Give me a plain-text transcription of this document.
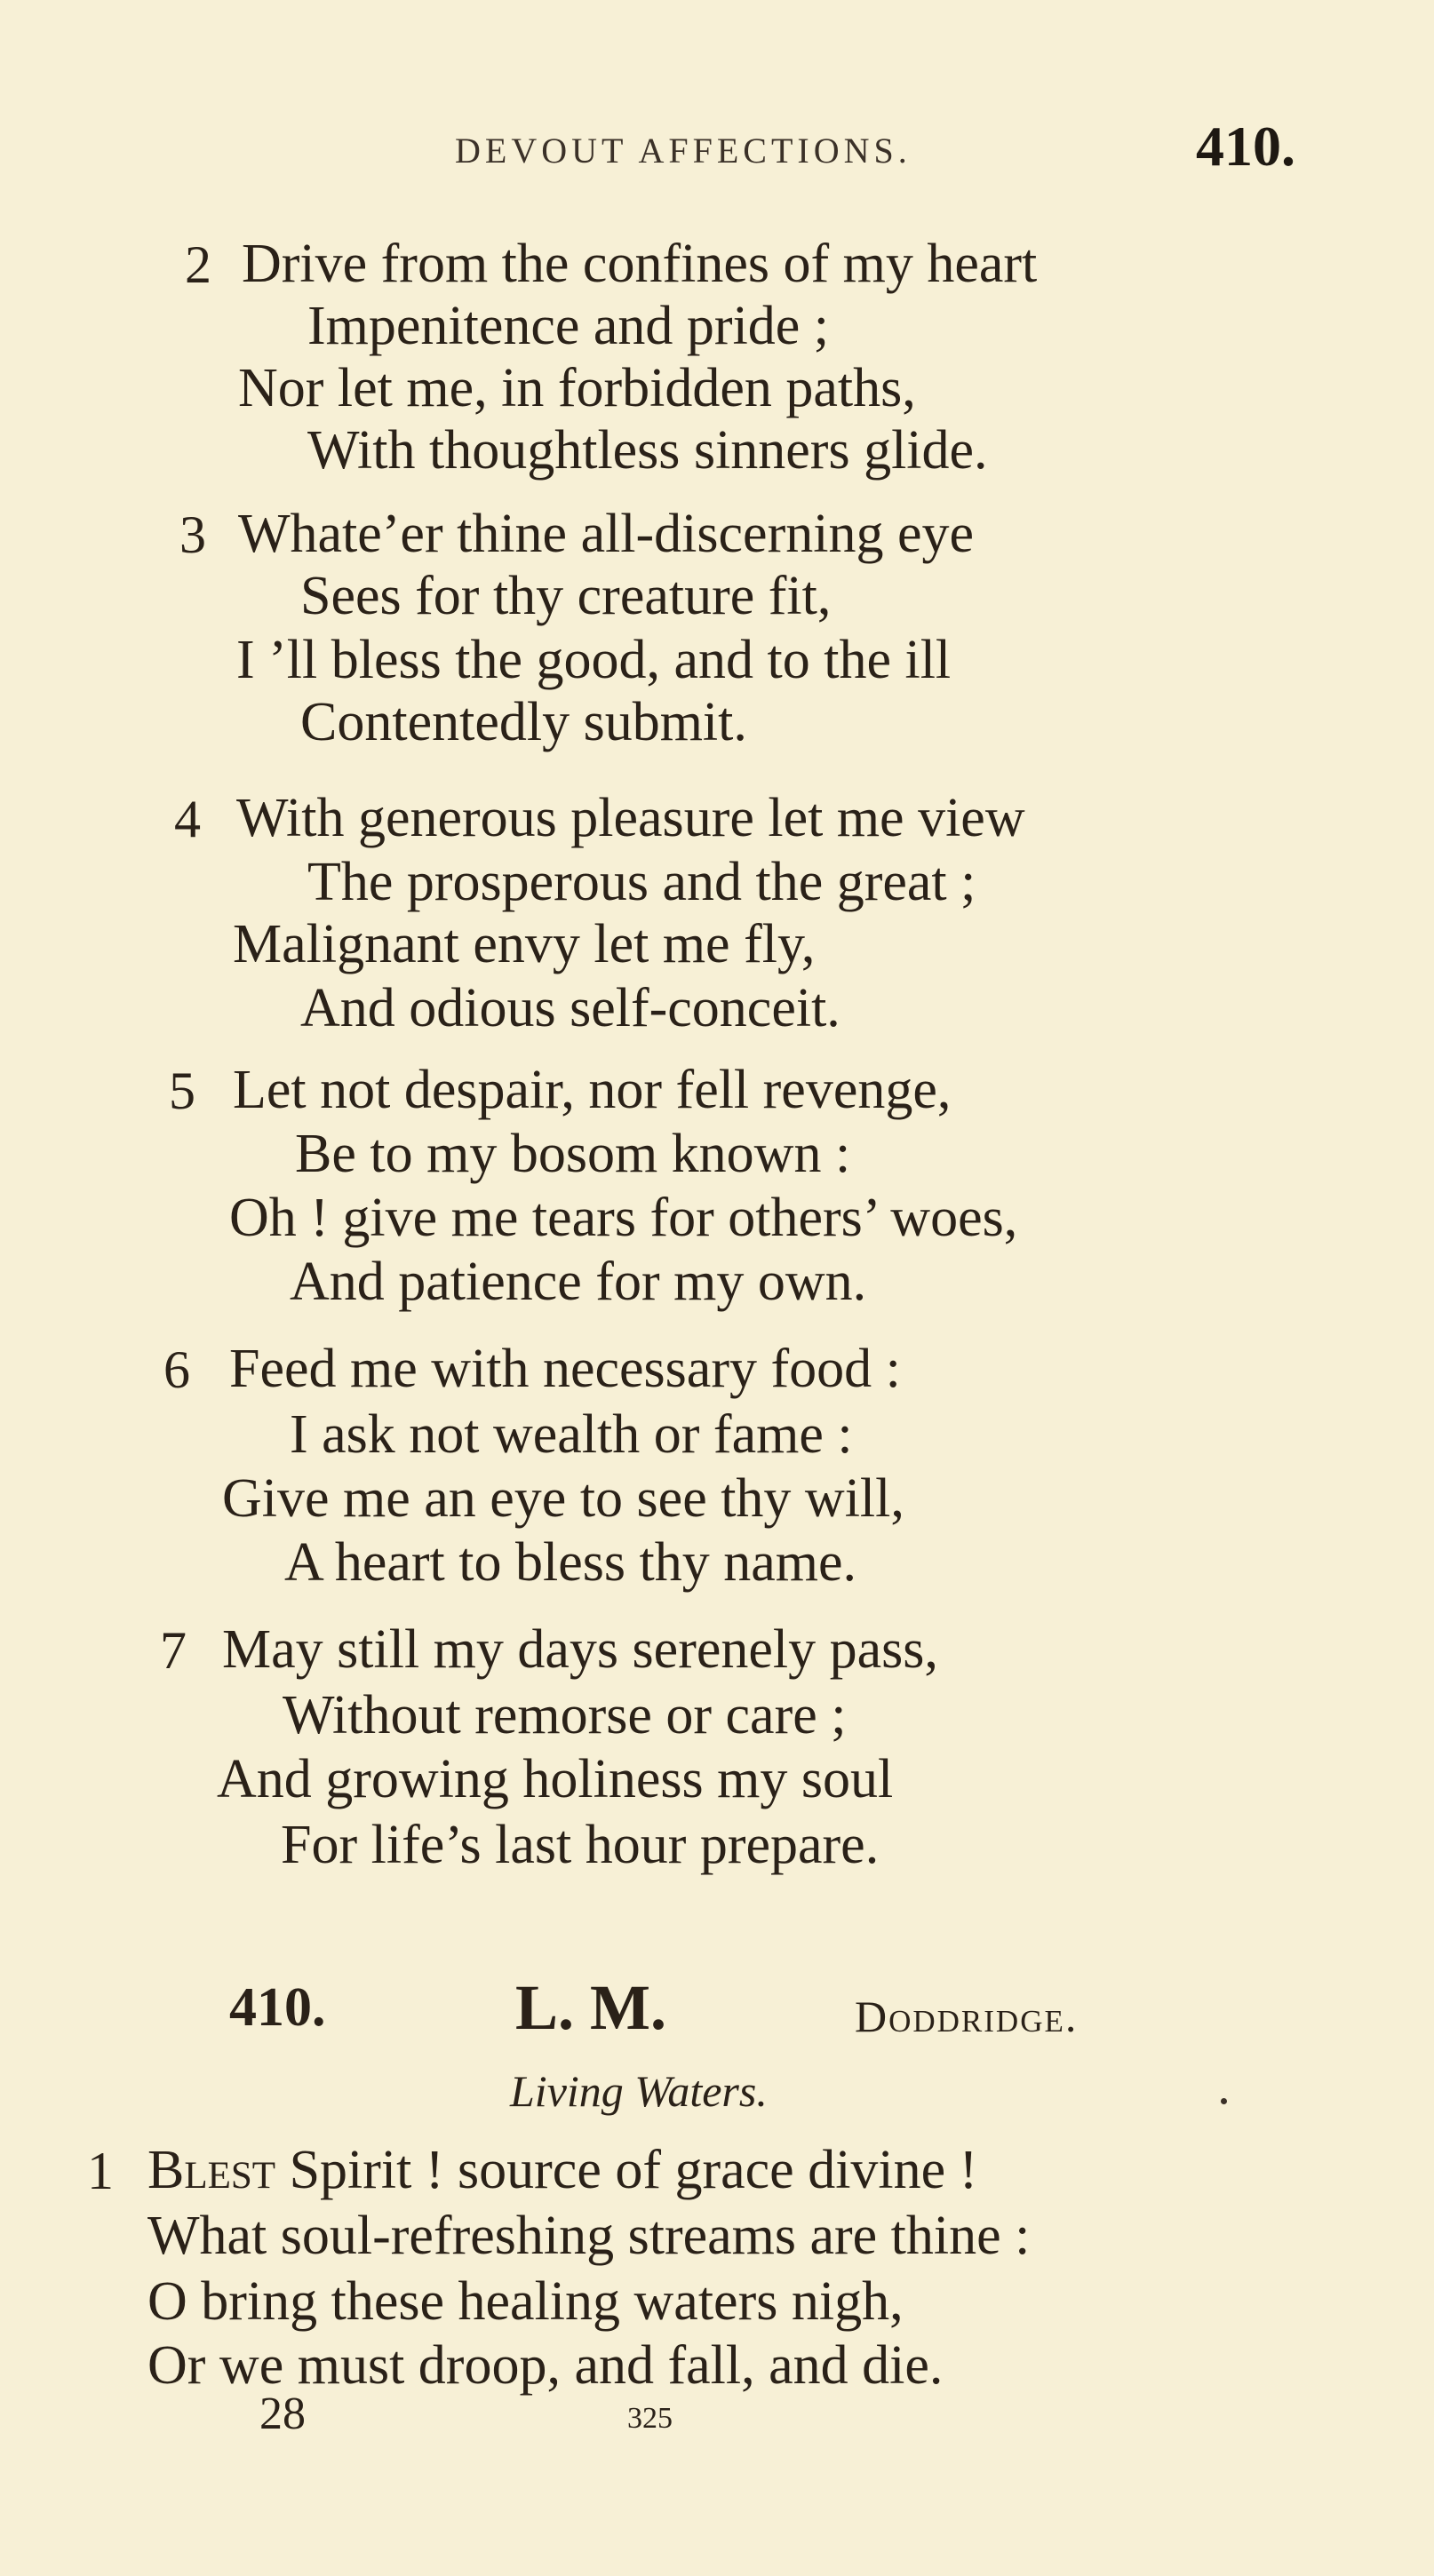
DEVOUT AFFECTIONS.	410.
2 Drive from the confines of my heart
Impenitence and pride ;
Nor let me, in forbidden paths,
With thoughtless sinners glide.
3 Whate’er thine all-discerning eye
Sees for thy creature fit,
I ’ll bless the good, and to the ill
Contentedly submit.
4 With generous pleasure let me view
The prosperous and the great ;
Malignant envy let me fly,
And odious self-conceit.
5 Let not despair, nor fell revenge,
Be to my bosom known :
Oh ! give me tears for others’ woes,
And patience for my own.
6 Feed me with necessary food :
I ask not wealth or fame :
Give me an eye to see thy will,
A heart to bless thy name.
7 May still my days serenely pass,
Without remorse or care ;
And growing holiness my soul
For life’s last hour prepare.
410.	L. M.	Doddridge.
Living Waters.
1 Blest Spirit ! source of grace divine !
What soul-refreshing streams are thine :
O bring these healing waters nigh,
Or we must droop, and fall, and die.
28	325
